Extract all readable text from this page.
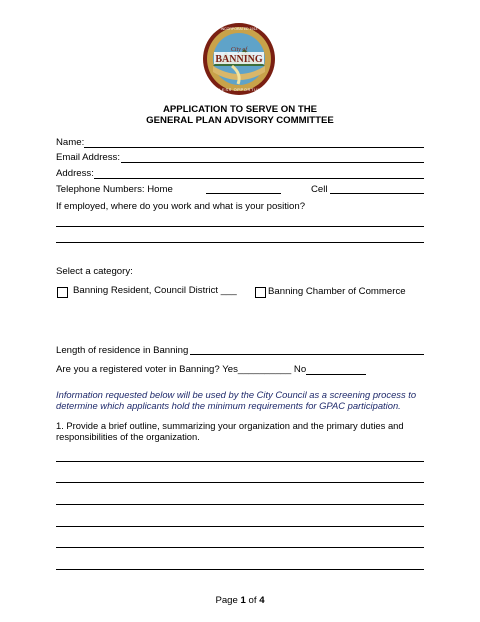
City of
BANNING
ENDLESS OPPORTUNITY
INCORPORATED 1913
APPLICATION TO SERVE ON THE
GENERAL PLAN ADVISORY COMMITTEE
Name:
Email Address:
Address:
Telephone Numbers: Home	Cell
If employed, where do you work and what is your position?
Select a category:
Banning Resident, Council District ___	Banning Chamber of Commerce
Length of residence in Banning
Are you a registered voter in Banning? Yes__________ No
Information requested below will be used by the City Council as a screening process to
determine which applicants hold the minimum requirements for GPAC participation.
1. Provide a brief outline, summarizing your organization and the primary duties and
responsibilities of the organization.
Page 1 of 4
